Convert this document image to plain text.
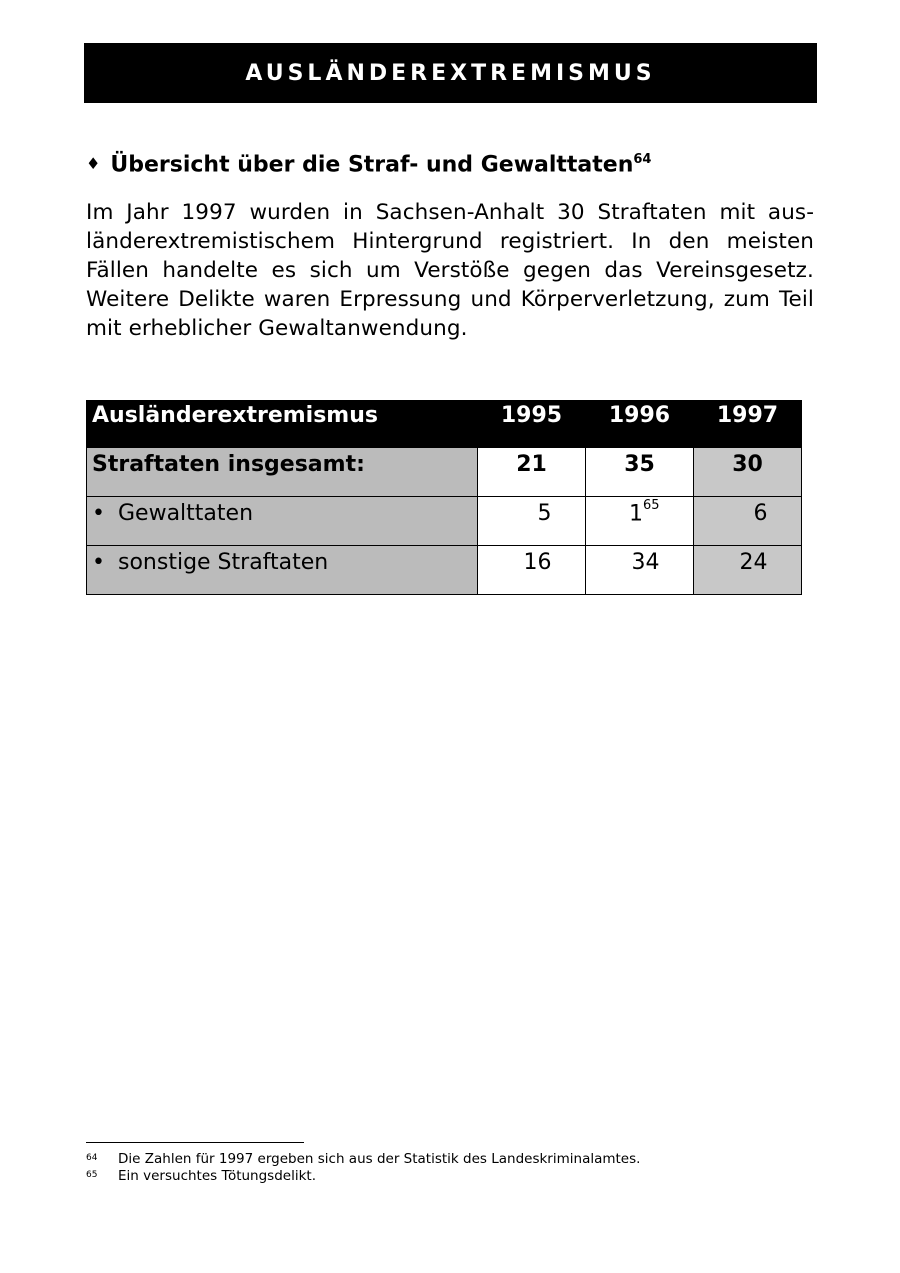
AUSLÄNDEREXTREMISMUS
♦ Übersicht über die Straf- und Gewalttaten$^{64}$

Im Jahr 1997 wurden in Sachsen-Anhalt 30 Straftaten mit ausländerextremistischem Hintergrund registriert. In den meisten Fällen handelte es sich um Verstöße gegen das Vereinsgesetz. Weitere Delikte waren Erpressung und Körperverletzung, zum Teil mit erheblicher Gewaltanwendung.

Ausländerextremismus	1995	1996	1997
Straftaten insgesamt:	21	35	30
• Gewalttaten	5	$1^{65}$	6
• sonstige Straftaten	16	34	24
64	Die Zahlen für 1997 ergeben sich aus der Statistik des Landeskriminalamtes.
65	Ein versuchtes Tötungsdelikt.
